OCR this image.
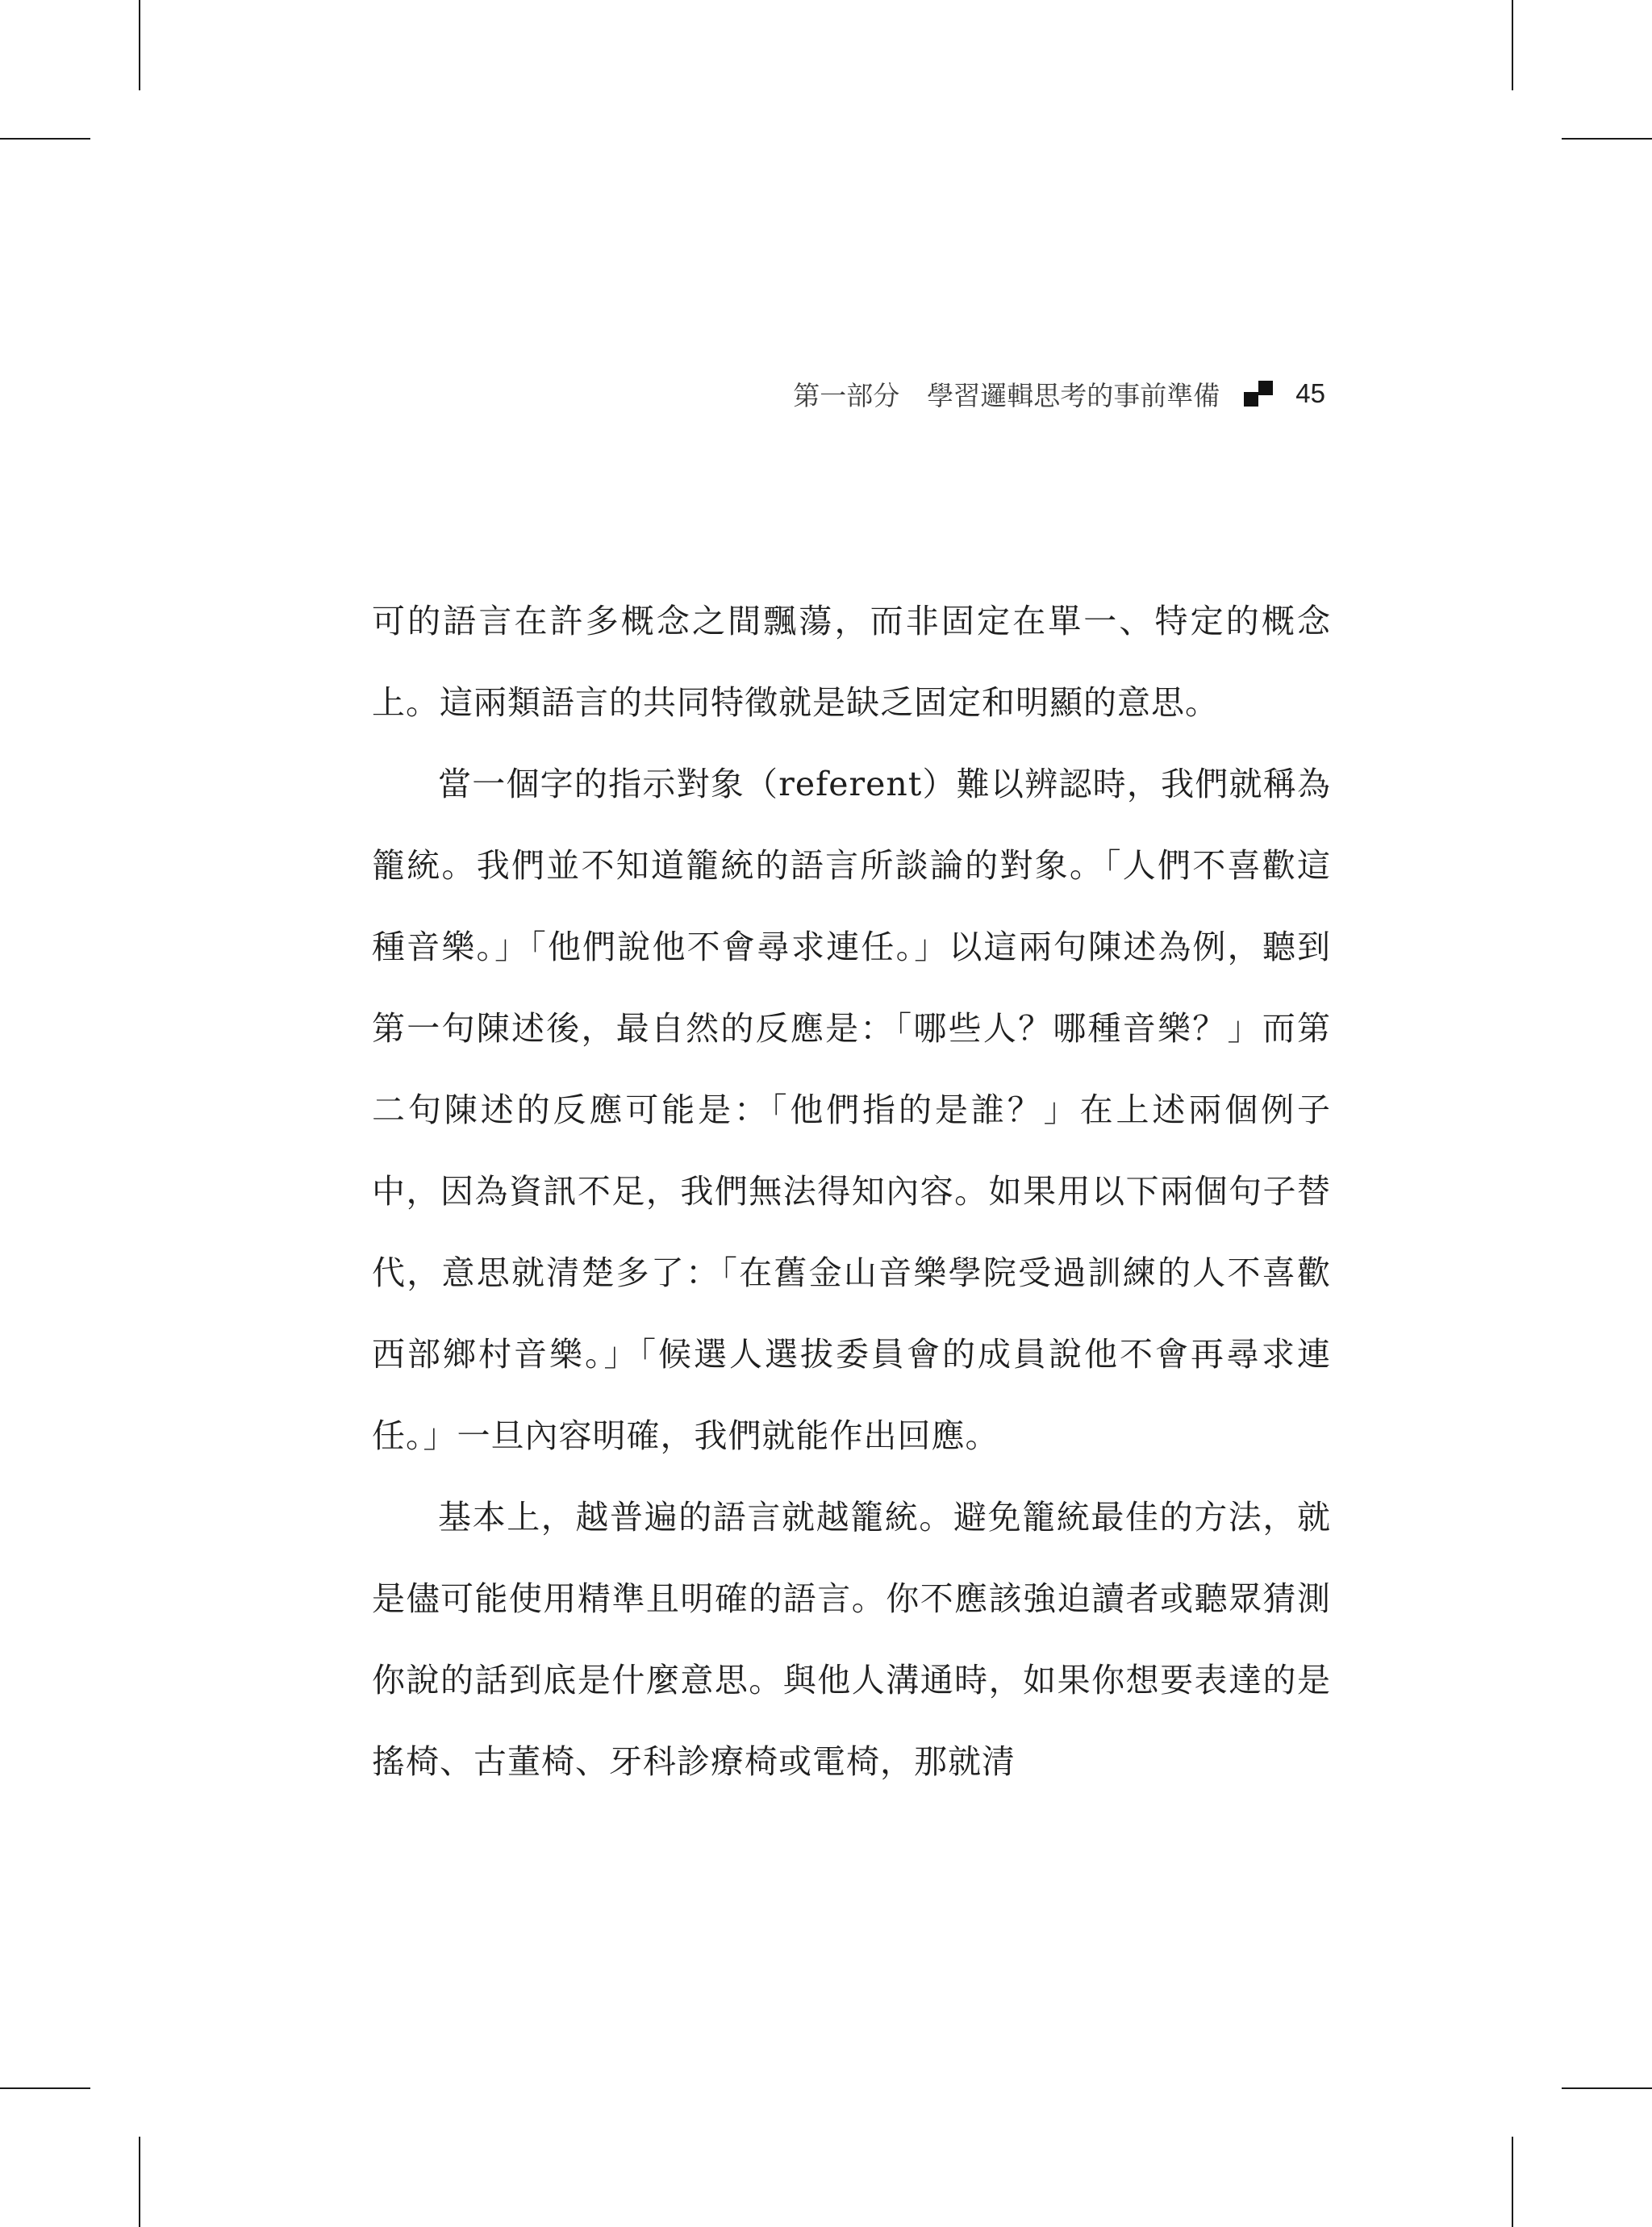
第一部分 學習邏輯思考的事前準備	45

可的語言在許多概念之間飄蕩，而非固定在單一、特定的概念上。這兩類語言的共同特徵就是缺乏固定和明顯的意思。

當一個字的指示對象（referent）難以辨認時，我們就稱為籠統。我們並不知道籠統的語言所談論的對象。「人們不喜歡這種音樂。」「他們說他不會尋求連任。」以這兩句陳述為例，聽到第一句陳述後，最自然的反應是：「哪些人？哪種音樂？」而第二句陳述的反應可能是：「他們指的是誰？」在上述兩個例子中，因為資訊不足，我們無法得知內容。如果用以下兩個句子替代，意思就清楚多了：「在舊金山音樂學院受過訓練的人不喜歡西部鄉村音樂。」「候選人選拔委員會的成員說他不會再尋求連任。」一旦內容明確，我們就能作出回應。

基本上，越普遍的語言就越籠統。避免籠統最佳的方法，就是儘可能使用精準且明確的語言。你不應該強迫讀者或聽眾猜測你說的話到底是什麼意思。與他人溝通時，如果你想要表達的是搖椅、古董椅、牙科診療椅或電椅，那就清
